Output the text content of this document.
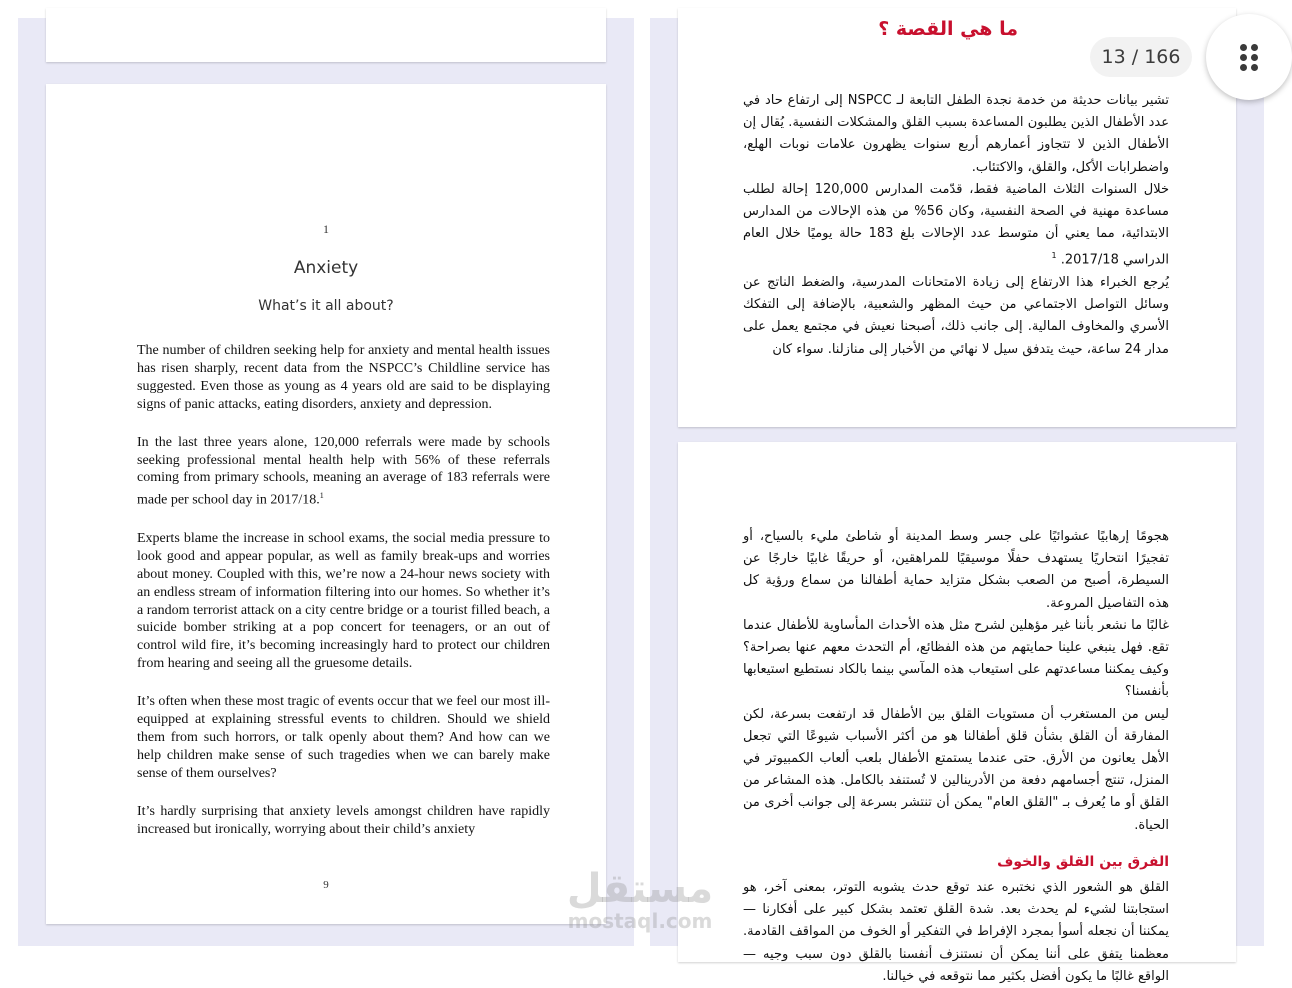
1
Anxiety
What’s it all about?

The number of children seeking help for anxiety and mental health issues has risen sharply, recent data from the NSPCC’s Childline service has suggested. Even those as young as 4 years old are said to be displaying signs of panic attacks, eating disorders, anxiety and depression.

In the last three years alone, 120,000 referrals were made by schools seeking professional mental health help with 56% of these referrals coming from primary schools, meaning an average of 183 referrals were made per school day in 2017/18.$^1$

Experts blame the increase in school exams, the social media pressure to look good and appear popular, as well as family break-ups and worries about money. Coupled with this, we’re now a 24-hour news society with an endless stream of information filtering into our homes. So whether it’s a random terrorist attack on a city centre bridge or a tourist filled beach, a suicide bomber striking at a pop concert for teenagers, or an out of control wild fire, it’s becoming increasingly hard to protect our children from hearing and seeing all the gruesome details.

It’s often when these most tragic of events occur that we feel our most ill-equipped at explaining stressful events to children. Should we shield them from such horrors, or talk openly about them? And how can we help children make sense of such tragedies when we can barely make sense of them ourselves?

It’s hardly surprising that anxiety levels amongst children have rapidly increased but ironically, worrying about their child’s anxiety

9
ما هي القصة ؟

تشير بيانات حديثة من خدمة نجدة الطفل التابعة لـ NSPCC إلى ارتفاع حاد في عدد الأطفال الذين يطلبون المساعدة بسبب القلق والمشكلات النفسية. يُقال إن الأطفال الذين لا تتجاوز أعمارهم أربع سنوات يظهرون علامات نوبات الهلع، واضطرابات الأكل، والقلق، والاكتئاب.

خلال السنوات الثلاث الماضية فقط، قدّمت المدارس 120,000 إحالة لطلب مساعدة مهنية في الصحة النفسية، وكان 56% من هذه الإحالات من المدارس الابتدائية، مما يعني أن متوسط عدد الإحالات بلغ 183 حالة يوميًا خلال العام الدراسي 2017/18. $^1$

يُرجع الخبراء هذا الارتفاع إلى زيادة الامتحانات المدرسية، والضغط الناتج عن وسائل التواصل الاجتماعي من حيث المظهر والشعبية، بالإضافة إلى التفكك الأسري والمخاوف المالية. إلى جانب ذلك، أصبحنا نعيش في مجتمع يعمل على مدار 24 ساعة، حيث يتدفق سيل لا نهائي من الأخبار إلى منازلنا. سواء كان

هجومًا إرهابيًا عشوائيًا على جسر وسط المدينة أو شاطئ مليء بالسياح، أو تفجيرًا انتحاريًا يستهدف حفلًا موسيقيًا للمراهقين، أو حريقًا غابيًا خارجًا عن السيطرة، أصبح من الصعب بشكل متزايد حماية أطفالنا من سماع ورؤية كل هذه التفاصيل المروعة.

غالبًا ما نشعر بأننا غير مؤهلين لشرح مثل هذه الأحداث المأساوية للأطفال عندما تقع. فهل ينبغي علينا حمايتهم من هذه الفظائع، أم التحدث معهم عنها بصراحة؟ وكيف يمكننا مساعدتهم على استيعاب هذه المآسي بينما بالكاد نستطيع استيعابها بأنفسنا؟

ليس من المستغرب أن مستويات القلق بين الأطفال قد ارتفعت بسرعة، لكن المفارقة أن القلق بشأن قلق أطفالنا هو من أكثر الأسباب شيوعًا التي تجعل الأهل يعانون من الأرق. حتى عندما يستمتع الأطفال بلعب ألعاب الكمبيوتر في المنزل، تنتج أجسامهم دفعة من الأدرينالين لا تُستنفد بالكامل. هذه المشاعر من القلق أو ما يُعرف بـ "القلق العام" يمكن أن تنتشر بسرعة إلى جوانب أخرى من الحياة.

الفرق بين القلق والخوف

القلق هو الشعور الذي نختبره عند توقع حدث يشوبه التوتر، بمعنى آخر، هو استجابتنا لشيء لم يحدث بعد. شدة القلق تعتمد بشكل كبير على أفكارنا — يمكننا أن نجعله أسوأ بمجرد الإفراط في التفكير أو الخوف من المواقف القادمة. معظمنا يتفق على أننا يمكن أن نستنزف أنفسنا بالقلق دون سبب وجيه — الواقع غالبًا ما يكون أفضل بكثير مما نتوقعه في خيالنا.

13 / 166
مستقل
mostaql.com
